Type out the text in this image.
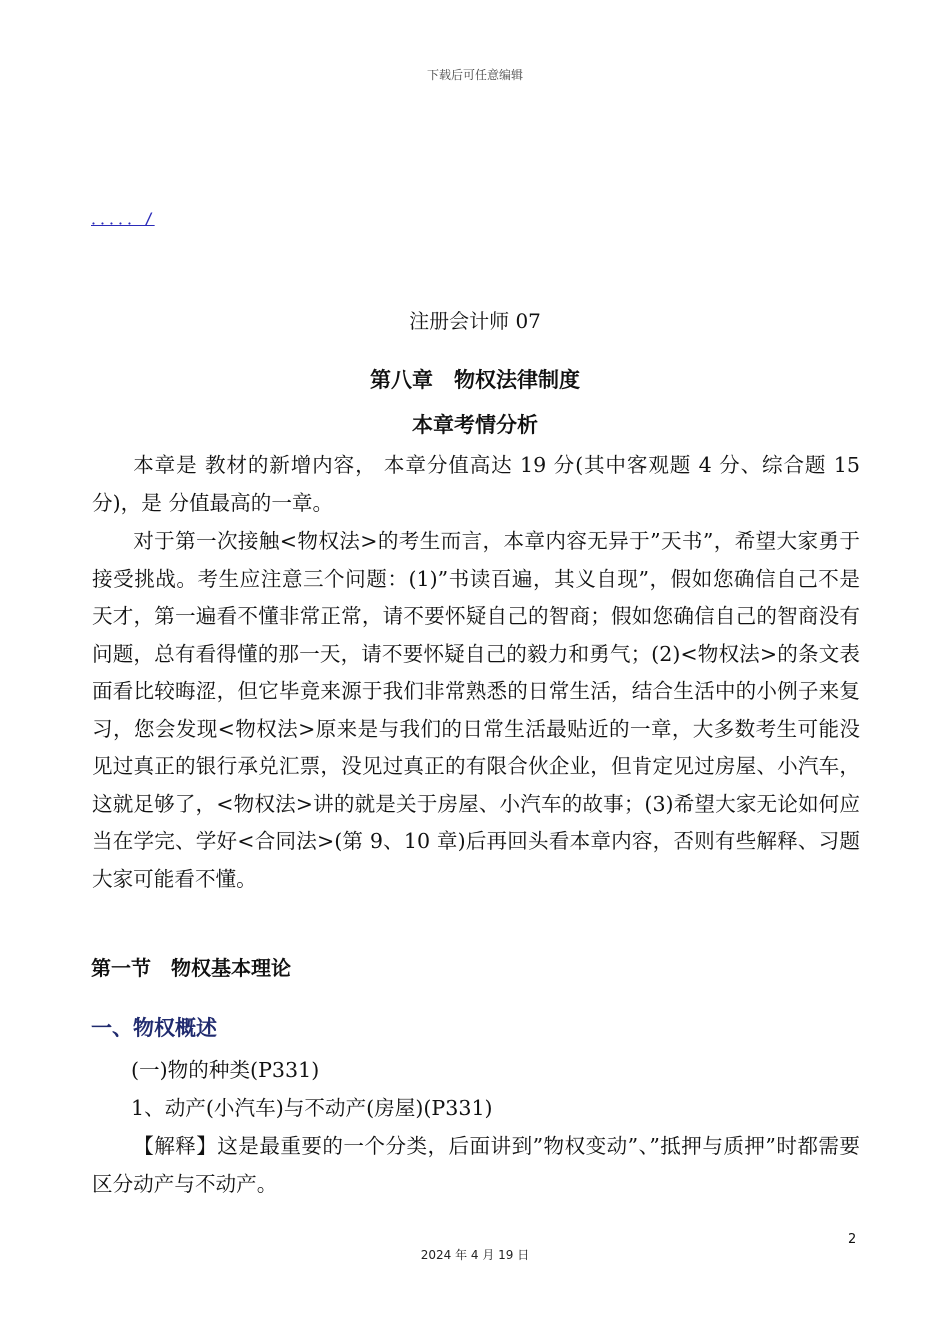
下载后可任意编辑
．．．．．/
注册会计师 07
第八章　物权法律制度
本章考情分析

本章是 教材的新增内容， 本章分值高达 19 分(其中客观题 4 分、综合题 15 分)，是 分值最高的一章。

对于第一次接触<物权法>的考生而言，本章内容无异于”天书”，希望大家勇于接受挑战。考生应注意三个问题：(1)”书读百遍，其义自现”，假如您确信自己不是天才，第一遍看不懂非常正常，请不要怀疑自己的智商；假如您确信自己的智商没有问题，总有看得懂的那一天，请不要怀疑自己的毅力和勇气；(2)<物权法>的条文表面看比较晦涩，但它毕竟来源于我们非常熟悉的日常生活，结合生活中的小例子来复习，您会发现<物权法>原来是与我们的日常生活最贴近的一章，大多数考生可能没见过真正的银行承兑汇票，没见过真正的有限合伙企业，但肯定见过房屋、小汽车，这就足够了，<物权法>讲的就是关于房屋、小汽车的故事；(3)希望大家无论如何应当在学完、学好<合同法>(第 9、10 章)后再回头看本章内容，否则有些解释、习题大家可能看不懂。

第一节　物权基本理论
一、物权概述
(一)物的种类(P331)
1、动产(小汽车)与不动产(房屋)(P331)

【解释】这是最重要的一个分类，后面讲到”物权变动”、”抵押与质押”时都需要区分动产与不动产。

2
2024 年 4 月 19 日
